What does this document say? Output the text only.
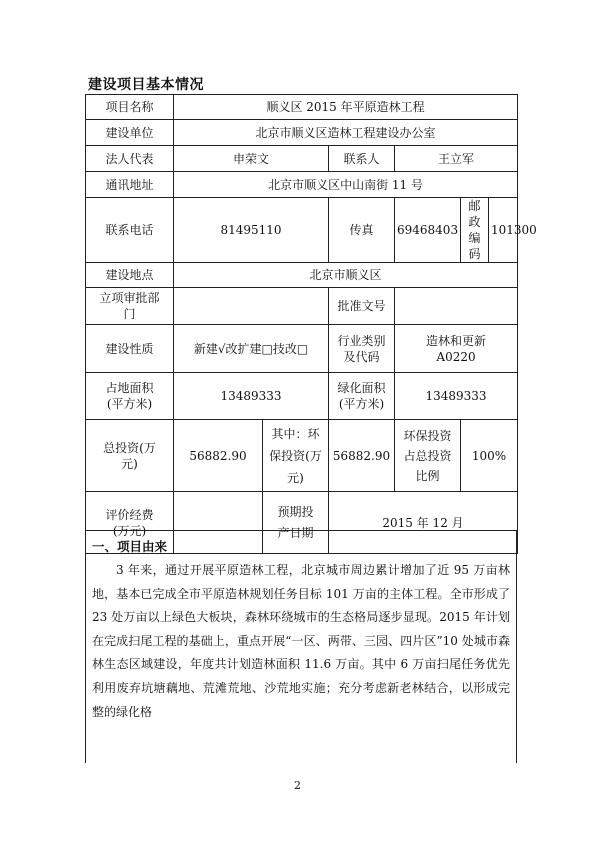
建设项目基本情况
项目名称	顺义区 2015 年平原造林工程					
建设单位	北京市顺义区造林工程建设办公室					
法人代表	申荣文		联系人	王立军		
通讯地址	北京市顺义区中山南街 11 号					
联系电话	81495110		传真	69468403	邮政编码	101300
建设地点	北京市顺义区					
立项审批部门			批准文号			
建设性质	新建√改扩建□技改□		行业类别及代码	造林和更新 A0220		
占地面积(平方米)	13489333		绿化面积(平方米)	13489333		
总投资(万元)	56882.90	其中：环保投资(万元)	56882.90	环保投资占总投资比例	100%	
评价经费(万元)		预期投产日期	2015 年 12 月			
一、项目由来

3 年来，通过开展平原造林工程，北京城市周边累计增加了近 95 万亩林地，基本已完成全市平原造林规划任务目标 101 万亩的主体工程。全市形成了 23 处万亩以上绿色大板块，森林环绕城市的生态格局逐步显现。2015 年计划在完成扫尾工程的基础上，重点开展“一区、两带、三园、四片区”10 处城市森林生态区域建设，年度共计划造林面积 11.6 万亩。其中 6 万亩扫尾任务优先利用废弃坑塘藕地、荒滩荒地、沙荒地实施；充分考虑新老林结合，以形成完整的绿化格

2
